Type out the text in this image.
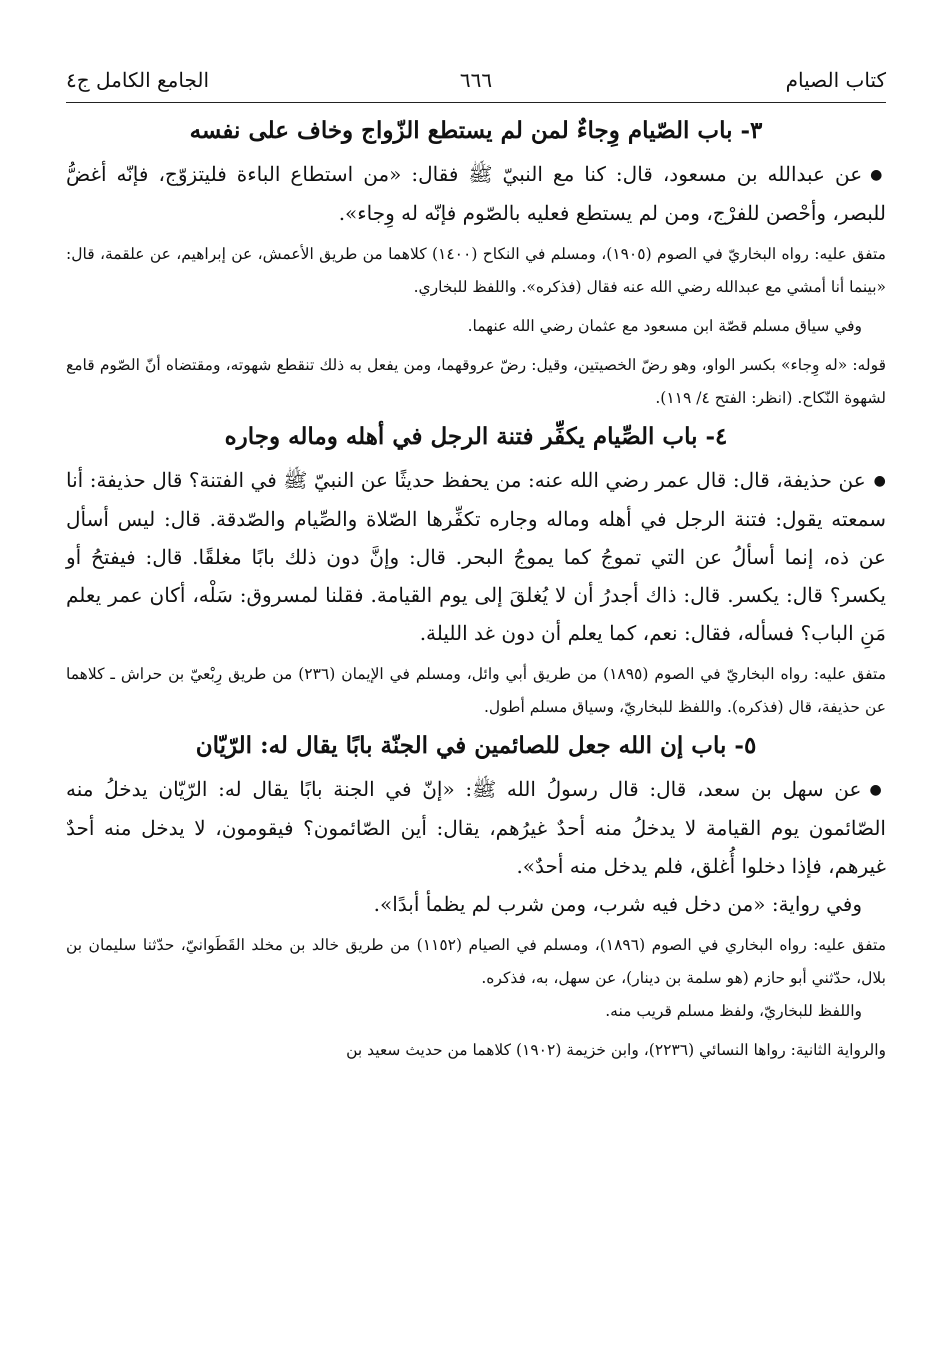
كتاب الصيام
٦٦٦
الجامع الكامل ج٤
٣- باب الصّيام وِجاءٌ لمن لم يستطع الزّواج وخاف على نفسه

●عن عبدالله بن مسعود، قال: كنا مع النبيّ ﷺ فقال: «من استطاع الباءة فليتزوّج، فإنّه أغضُّ للبصر، وأحْصن للفرْج، ومن لم يستطع فعليه بالصّوم فإنّه له وِجاء».

متفق عليه: رواه البخاريّ في الصوم (١٩٠٥)، ومسلم في النكاح (١٤٠٠) كلاهما من طريق الأعمش، عن إبراهيم، عن علقمة، قال: «بينما أنا أمشي مع عبدالله رضي الله عنه فقال (فذكره». واللفظ للبخاري.

وفي سياق مسلم قصّة ابن مسعود مع عثمان رضي الله عنهما.

قوله: «له وِجاء» بكسر الواو، وهو رضّ الخصيتين، وقيل: رضّ عروقهما، ومن يفعل به ذلك تنقطع شهوته، ومقتضاه أنّ الصّوم قامع لشهوة النّكاح. (انظر: الفتح ٤/ ١١٩).

٤- باب الصِّيام يكفِّر فتنة الرجل في أهله وماله وجاره

●عن حذيفة، قال: قال عمر رضي الله عنه: من يحفظ حديثًا عن النبيّ ﷺ في الفتنة؟ قال حذيفة: أنا سمعته يقول: فتنة الرجل في أهله وماله وجاره تكفِّرها الصّلاة والصِّيام والصّدقة. قال: ليس أسأل عن ذه، إنما أسألُ عن التي تموجُ كما يموجُ البحر. قال: وإنَّ دون ذلك بابًا مغلقًا. قال: فيفتحُ أو يكسر؟ قال: يكسر. قال: ذاك أجدرُ أن لا يُغلقَ إلى يوم القيامة. فقلنا لمسروق: سَلْه، أكان عمر يعلم مَنِ الباب؟ فسأله، فقال: نعم، كما يعلم أن دون غد الليلة.

متفق عليه: رواه البخاريّ في الصوم (١٨٩٥) من طريق أبي وائل، ومسلم في الإيمان (٢٣٦) من طريق رِبْعيّ بن حراش ـ كلاهما عن حذيفة، قال (فذكره). واللفظ للبخاريّ، وسياق مسلم أطول.

٥- باب إن الله جعل للصائمين في الجنّة بابًا يقال له: الرّيّان

●عن سهل بن سعد، قال: قال رسولُ الله ﷺ: «إنّ في الجنة بابًا يقال له: الرّيّان يدخلُ منه الصّائمون يوم القيامة لا يدخلُ منه أحدٌ غيرُهم، يقال: أين الصّائمون؟ فيقومون، لا يدخل منه أحدٌ غيرهم، فإذا دخلوا أُغلق، فلم يدخل منه أحدٌ».

وفي رواية: «من دخل فيه شرب، ومن شرب لم يظمأ أبدًا».

متفق عليه: رواه البخاري في الصوم (١٨٩٦)، ومسلم في الصيام (١١٥٢) من طريق خالد بن مخلد القَطَوانيّ، حدّثنا سليمان بن بلال، حدّثني أبو حازم (هو سلمة بن دينار)، عن سهل، به، فذكره.

واللفظ للبخاريّ، ولفظ مسلم قريب منه.

والرواية الثانية: رواها النسائي (٢٢٣٦)، وابن خزيمة (١٩٠٢) كلاهما من حديث سعيد بن
